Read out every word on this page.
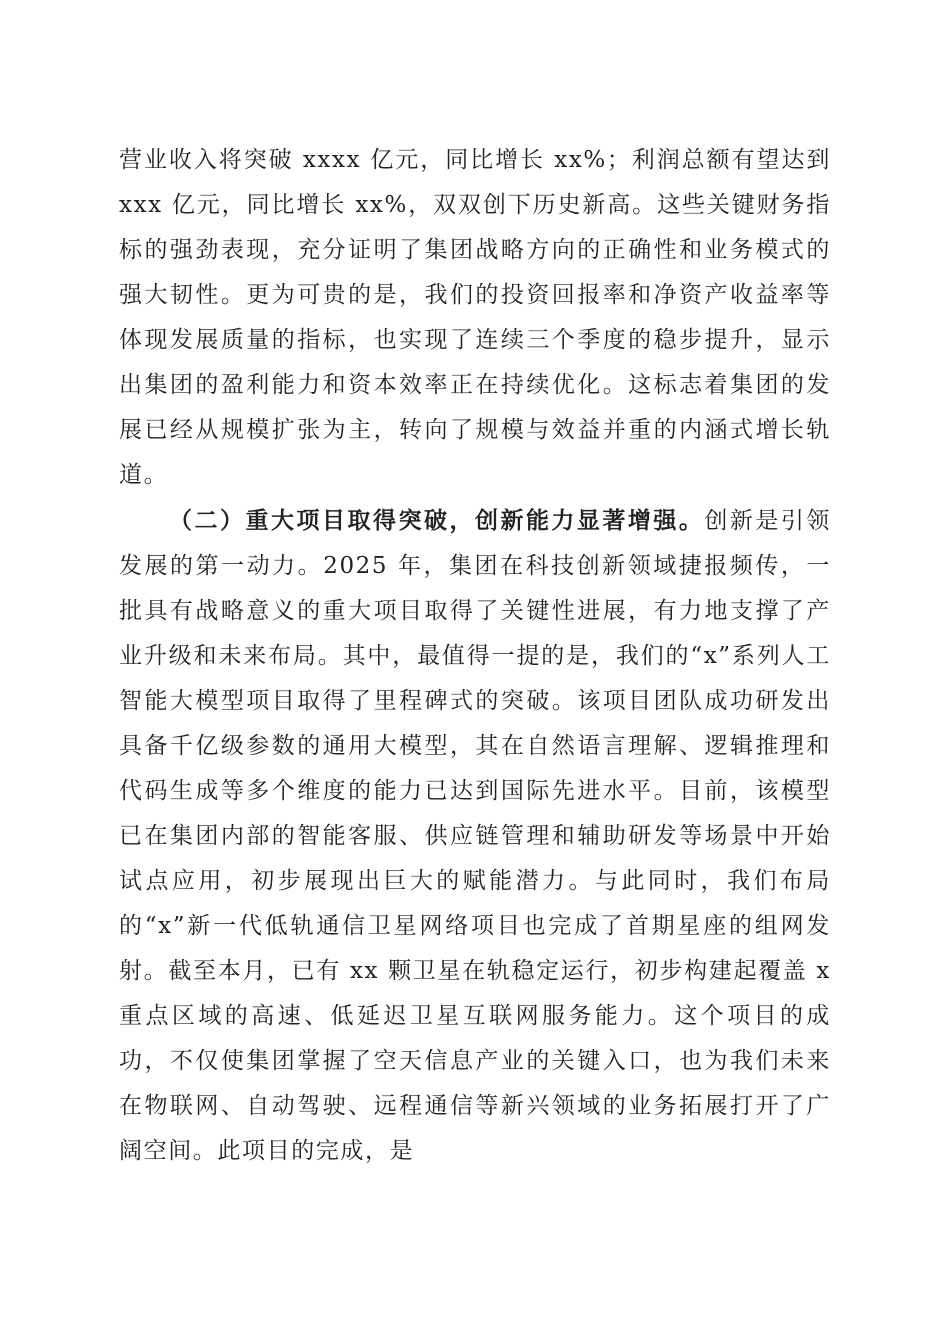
营业收入将突破 xxxx 亿元，同比增长 xx%；利润总额有望达到 xxx 亿元，同比增长 xx%，双双创下历史新高。这些关键财务指标的强劲表现，充分证明了集团战略方向的正确性和业务模式的强大韧性。更为可贵的是，我们的投资回报率和净资产收益率等体现发展质量的指标，也实现了连续三个季度的稳步提升，显示出集团的盈利能力和资本效率正在持续优化。这标志着集团的发展已经从规模扩张为主，转向了规模与效益并重的内涵式增长轨道。

（二）重大项目取得突破，创新能力显著增强。创新是引领发展的第一动力。2025 年，集团在科技创新领域捷报频传，一批具有战略意义的重大项目取得了关键性进展，有力地支撑了产业升级和未来布局。其中，最值得一提的是，我们的“x”系列人工智能大模型项目取得了里程碑式的突破。该项目团队成功研发出具备千亿级参数的通用大模型，其在自然语言理解、逻辑推理和代码生成等多个维度的能力已达到国际先进水平。目前，该模型已在集团内部的智能客服、供应链管理和辅助研发等场景中开始试点应用，初步展现出巨大的赋能潜力。与此同时，我们布局的“x”新一代低轨通信卫星网络项目也完成了首期星座的组网发射。截至本月，已有 xx 颗卫星在轨稳定运行，初步构建起覆盖 x 重点区域的高速、低延迟卫星互联网服务能力。这个项目的成功，不仅使集团掌握了空天信息产业的关键入口，也为我们未来在物联网、自动驾驶、远程通信等新兴领域的业务拓展打开了广阔空间。此项目的完成，是
